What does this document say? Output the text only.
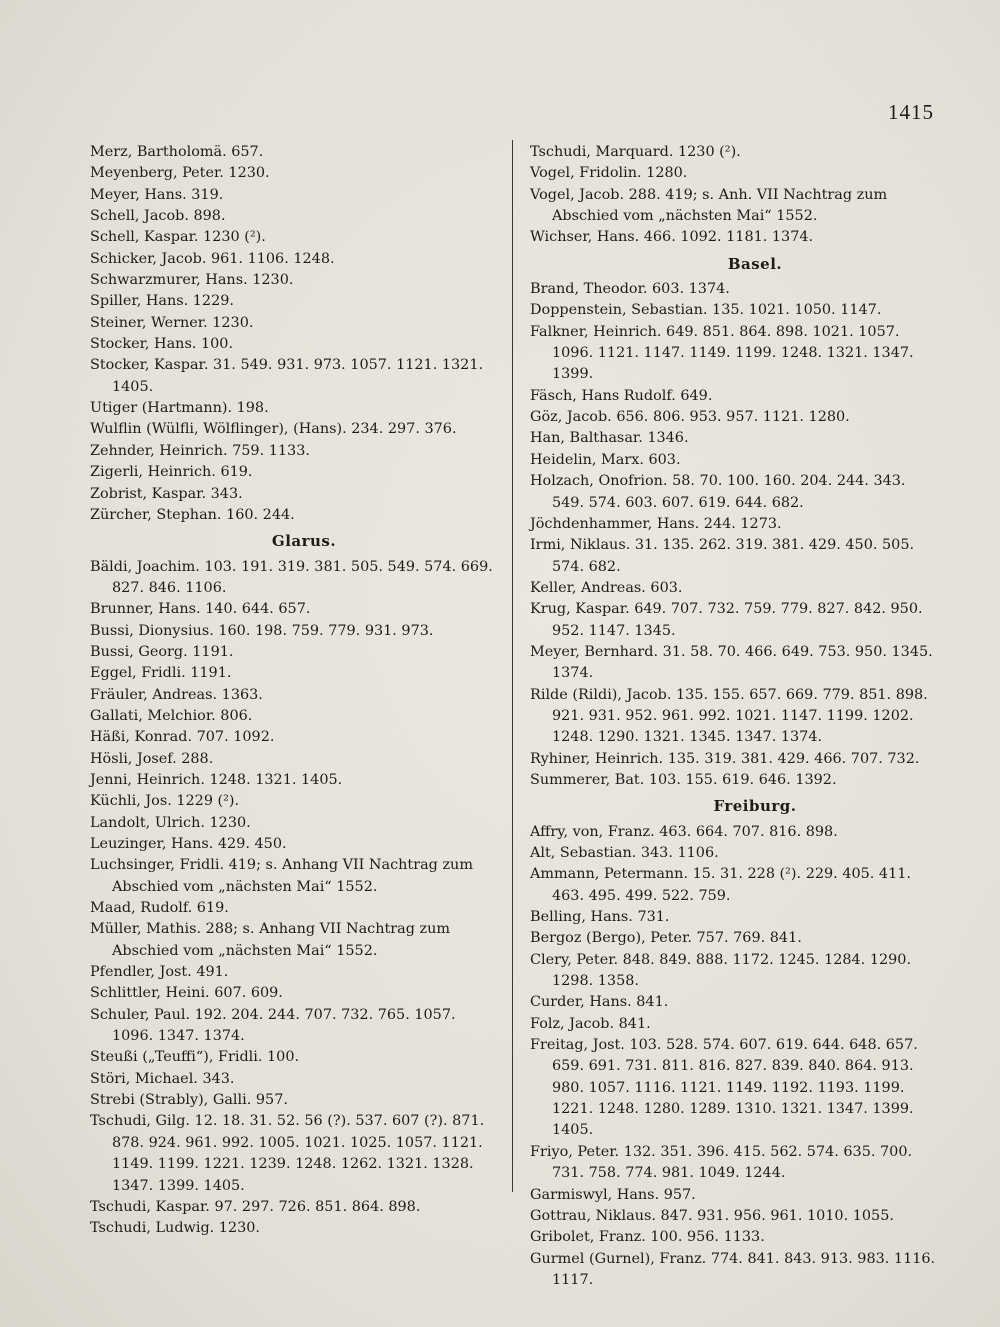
1415
Merz, Bartholomä. 657.
Meyenberg, Peter. 1230.
Meyer, Hans. 319.
Schell, Jacob. 898.
Schell, Kaspar. 1230 (²).
Schicker, Jacob. 961. 1106. 1248.
Schwarzmurer, Hans. 1230.
Spiller, Hans. 1229.
Steiner, Werner. 1230.
Stocker, Hans. 100.
Stocker, Kaspar. 31. 549. 931. 973. 1057. 1121. 1321. 1405.
Utiger (Hartmann). 198.
Wulflin (Wülfli, Wölflinger), (Hans). 234. 297. 376.
Zehnder, Heinrich. 759. 1133.
Zigerli, Heinrich. 619.
Zobrist, Kaspar. 343.
Zürcher, Stephan. 160. 244.
Glarus.
Bäldi, Joachim. 103. 191. 319. 381. 505. 549. 574. 669. 827. 846. 1106.
Brunner, Hans. 140. 644. 657.
Bussi, Dionysius. 160. 198. 759. 779. 931. 973.
Bussi, Georg. 1191.
Eggel, Fridli. 1191.
Fräuler, Andreas. 1363.
Gallati, Melchior. 806.
Häßi, Konrad. 707. 1092.
Hösli, Josef. 288.
Jenni, Heinrich. 1248. 1321. 1405.
Küchli, Jos. 1229 (²).
Landolt, Ulrich. 1230.
Leuzinger, Hans. 429. 450.
Luchsinger, Fridli. 419; s. Anhang VII Nachtrag zum Abschied vom „nächsten Mai“ 1552.
Maad, Rudolf. 619.
Müller, Mathis. 288; s. Anhang VII Nachtrag zum Abschied vom „nächsten Mai“ 1552.
Pfendler, Jost. 491.
Schlittler, Heini. 607. 609.
Schuler, Paul. 192. 204. 244. 707. 732. 765. 1057. 1096. 1347. 1374.
Steußi („Teuffi“), Fridli. 100.
Störi, Michael. 343.
Strebi (Strably), Galli. 957.
Tschudi, Gilg. 12. 18. 31. 52. 56 (?). 537. 607 (?). 871. 878. 924. 961. 992. 1005. 1021. 1025. 1057. 1121. 1149. 1199. 1221. 1239. 1248. 1262. 1321. 1328. 1347. 1399. 1405.
Tschudi, Kaspar. 97. 297. 726. 851. 864. 898.
Tschudi, Ludwig. 1230.
Tschudi, Marquard. 1230 (²).
Vogel, Fridolin. 1280.
Vogel, Jacob. 288. 419; s. Anh. VII Nachtrag zum Abschied vom „nächsten Mai“ 1552.
Wichser, Hans. 466. 1092. 1181. 1374.
Basel.
Brand, Theodor. 603. 1374.
Doppenstein, Sebastian. 135. 1021. 1050. 1147.
Falkner, Heinrich. 649. 851. 864. 898. 1021. 1057. 1096. 1121. 1147. 1149. 1199. 1248. 1321. 1347. 1399.
Fäsch, Hans Rudolf. 649.
Göz, Jacob. 656. 806. 953. 957. 1121. 1280.
Han, Balthasar. 1346.
Heidelin, Marx. 603.
Holzach, Onofrion. 58. 70. 100. 160. 204. 244. 343. 549. 574. 603. 607. 619. 644. 682.
Jöchdenhammer, Hans. 244. 1273.
Irmi, Niklaus. 31. 135. 262. 319. 381. 429. 450. 505. 574. 682.
Keller, Andreas. 603.
Krug, Kaspar. 649. 707. 732. 759. 779. 827. 842. 950. 952. 1147. 1345.
Meyer, Bernhard. 31. 58. 70. 466. 649. 753. 950. 1345. 1374.
Rilde (Rildi), Jacob. 135. 155. 657. 669. 779. 851. 898. 921. 931. 952. 961. 992. 1021. 1147. 1199. 1202. 1248. 1290. 1321. 1345. 1347. 1374.
Ryhiner, Heinrich. 135. 319. 381. 429. 466. 707. 732.
Summerer, Bat. 103. 155. 619. 646. 1392.
Freiburg.
Affry, von, Franz. 463. 664. 707. 816. 898.
Alt, Sebastian. 343. 1106.
Ammann, Petermann. 15. 31. 228 (²). 229. 405. 411. 463. 495. 499. 522. 759.
Belling, Hans. 731.
Bergoz (Bergo), Peter. 757. 769. 841.
Clery, Peter. 848. 849. 888. 1172. 1245. 1284. 1290. 1298. 1358.
Curder, Hans. 841.
Folz, Jacob. 841.
Freitag, Jost. 103. 528. 574. 607. 619. 644. 648. 657. 659. 691. 731. 811. 816. 827. 839. 840. 864. 913. 980. 1057. 1116. 1121. 1149. 1192. 1193. 1199. 1221. 1248. 1280. 1289. 1310. 1321. 1347. 1399. 1405.
Friyo, Peter. 132. 351. 396. 415. 562. 574. 635. 700. 731. 758. 774. 981. 1049. 1244.
Garmiswyl, Hans. 957.
Gottrau, Niklaus. 847. 931. 956. 961. 1010. 1055.
Gribolet, Franz. 100. 956. 1133.
Gurmel (Gurnel), Franz. 774. 841. 843. 913. 983. 1116. 1117.
